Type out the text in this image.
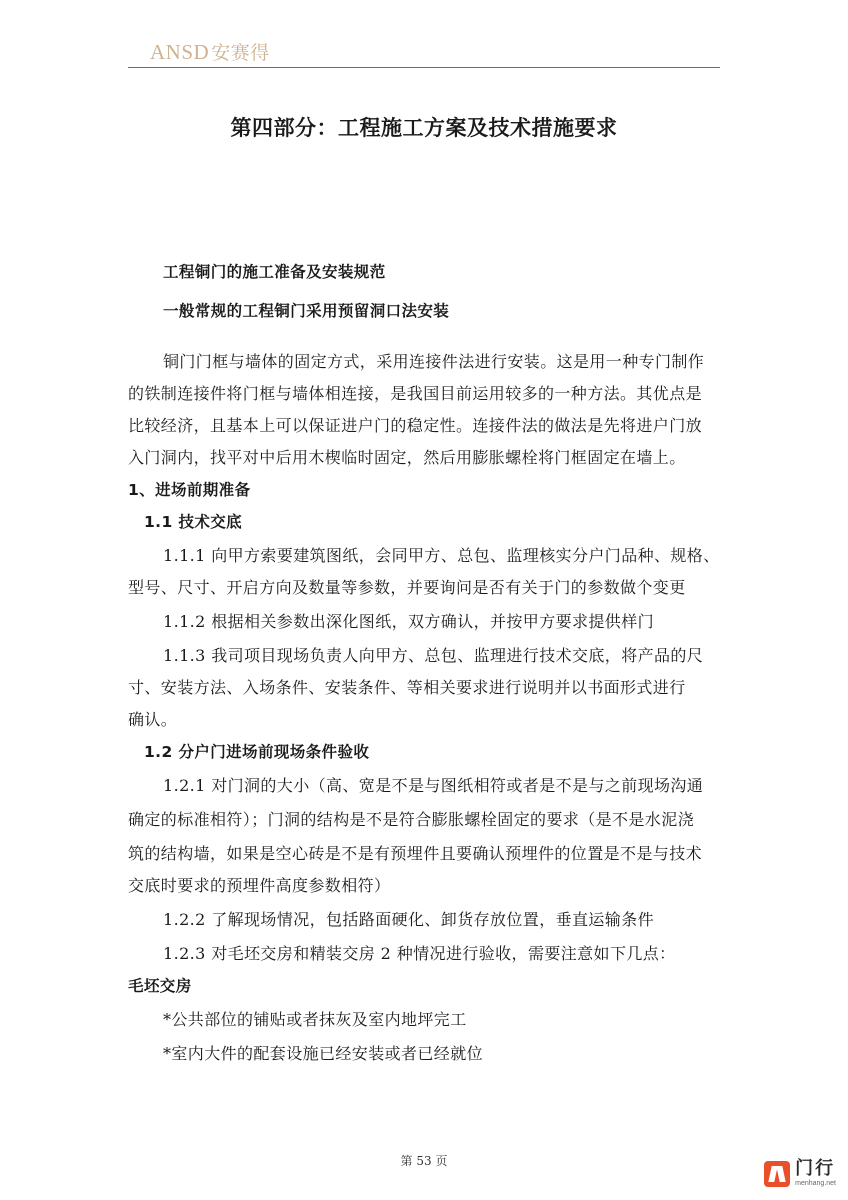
ANSD 安赛得
第四部分：工程施工方案及技术措施要求
工程铜门的施工准备及安装规范
一般常规的工程铜门采用预留洞口法安装
铜门门框与墙体的固定方式，采用连接件法进行安装。这是用一种专门制作
的铁制连接件将门框与墙体相连接，是我国目前运用较多的一种方法。其优点是
比较经济，且基本上可以保证进户门的稳定性。连接件法的做法是先将进户门放
入门洞内，找平对中后用木楔临时固定，然后用膨胀螺栓将门框固定在墙上。
1、进场前期准备
1.1 技术交底
1.1.1 向甲方索要建筑图纸，会同甲方、总包、监理核实分户门品种、规格、
型号、尺寸、开启方向及数量等参数，并要询问是否有关于门的参数做个变更
1.1.2 根据相关参数出深化图纸，双方确认，并按甲方要求提供样门
1.1.3 我司项目现场负责人向甲方、总包、监理进行技术交底，将产品的尺
寸、安装方法、入场条件、安装条件、等相关要求进行说明并以书面形式进行
确认。
1.2 分户门进场前现场条件验收
1.2.1 对门洞的大小（高、宽是不是与图纸相符或者是不是与之前现场沟通
确定的标准相符）；门洞的结构是不是符合膨胀螺栓固定的要求（是不是水泥浇
筑的结构墙，如果是空心砖是不是有预埋件且要确认预埋件的位置是不是与技术
交底时要求的预埋件高度参数相符）
1.2.2 了解现场情况，包括路面硬化、卸货存放位置，垂直运输条件
1.2.3 对毛坯交房和精装交房 2 种情况进行验收，需要注意如下几点：
毛坯交房
*公共部位的铺贴或者抹灰及室内地坪完工
*室内大件的配套设施已经安装或者已经就位
第 53 页	门行
menhang.net
